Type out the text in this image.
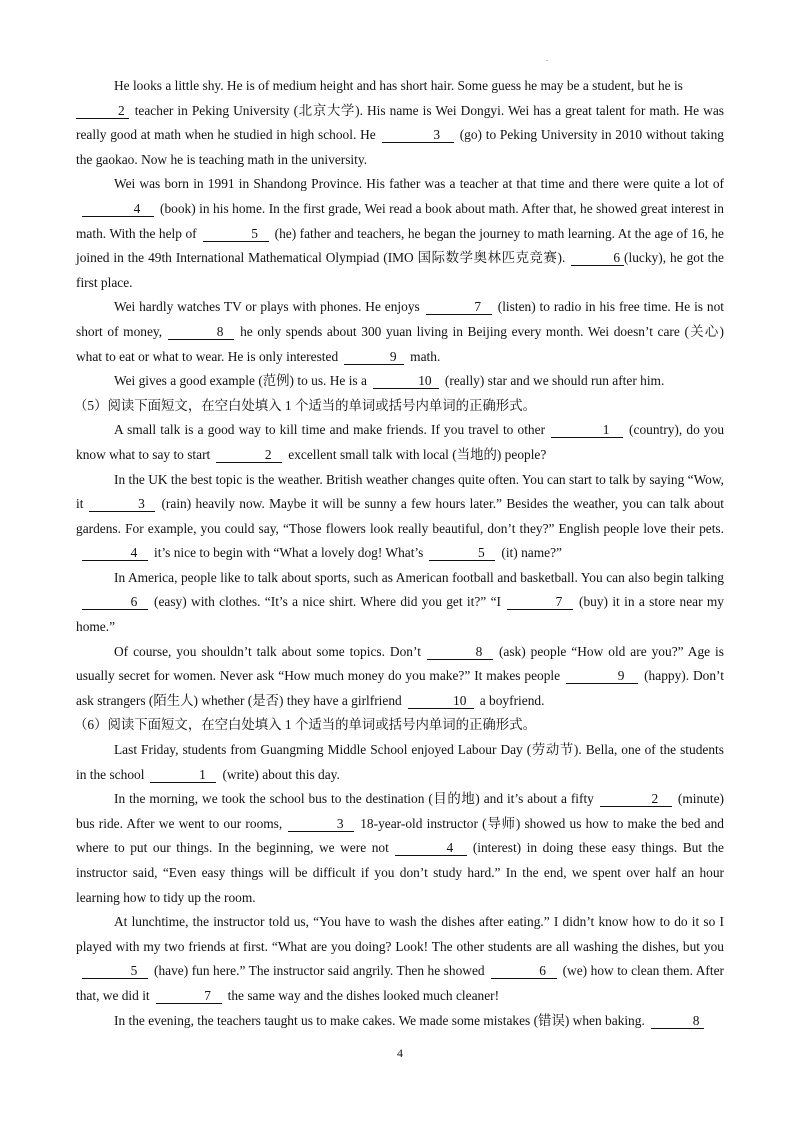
He looks a little shy. He is of medium height and has short hair. Some guess he may be a student, but he is
2 teacher in Peking University (北京大学). His name is Wei Dongyi. Wei has a great talent for math. He was really good at math when he studied in high school. He	3 (go) to Peking University in 2010 without taking the gaokao. Now he is teaching math in the university.

Wei was born in 1991 in Shandong Province. His father was a teacher at that time and there were quite a lot of4 (book) in his home. In the first grade, Wei read a book about math. After that, he showed great interest in math. With the help of	5 (he) father and teachers, he began the journey to math learning. At the age of 16, he joined in the 49th International Mathematical Olympiad (IMO 国际数学奥林匹克竞赛).	6 (lucky), he got the first place.

Wei hardly watches TV or plays with phones. He enjoys	7 (listen) to radio in his free time. He is not short of money,	8 he only spends about 300 yuan living in Beijing every month. Wei doesn’t care (关心) what to eat or what to wear. He is only interested	9 math.

Wei gives a good example (范例) to us. He is a	10 (really) star and we should run after him.

（5）阅读下面短文，在空白处填入 1 个适当的单词或括号内单词的正确形式。

A small talk is a good way to kill time and make friends. If you travel to other	1 (country), do you know what to say to start	2 excellent small talk with local (当地的) people?

In the UK the best topic is the weather. British weather changes quite often. You can start to talk by saying “Wow, it	3 (rain) heavily now. Maybe it will be sunny a few hours later.” Besides the weather, you can talk about gardens. For example, you could say, “Those flowers look really beautiful, don’t they?” English people love their pets.4 it’s nice to begin with “What a lovely dog! What’s	5 (it) name?”

In America, people like to talk about sports, such as American football and basketball. You can also begin talking6 (easy) with clothes. “It’s a nice shirt. Where did you get it?” “I	7 (buy) it in a store near my home.”

Of course, you shouldn’t talk about some topics. Don’t	8 (ask) people “How old are you?” Age is usually secret for women. Never ask “How much money do you make?” It makes people	9 (happy). Don’t ask strangers (陌生人) whether (是否) they have a girlfriend	10 a boyfriend.

（6）阅读下面短文，在空白处填入 1 个适当的单词或括号内单词的正确形式。

Last Friday, students from Guangming Middle School enjoyed Labour Day (劳动节). Bella, one of the students in the school	1 (write) about this day.

In the morning, we took the school bus to the destination (目的地) and it’s about a fifty	2 (minute) bus ride. After we went to our rooms,	3 18-year-old instructor (导师) showed us how to make the bed and where to put our things. In the beginning, we were not	4 (interest) in doing these easy things. But the instructor said, “Even easy things will be difficult if you don’t study hard.” In the end, we spent over half an hour learning how to tidy up the room.

At lunchtime, the instructor told us, “You have to wash the dishes after eating.” I didn’t know how to do it so I played with my two friends at first. “What are you doing? Look! The other students are all washing the dishes, but you5 (have) fun here.” The instructor said angrily. Then he showed	6 (we) how to clean them. After that, we did it	7 the same way and the dishes looked much cleaner!

In the evening, the teachers taught us to make cakes. We made some mistakes (错误) when baking.	8

4
